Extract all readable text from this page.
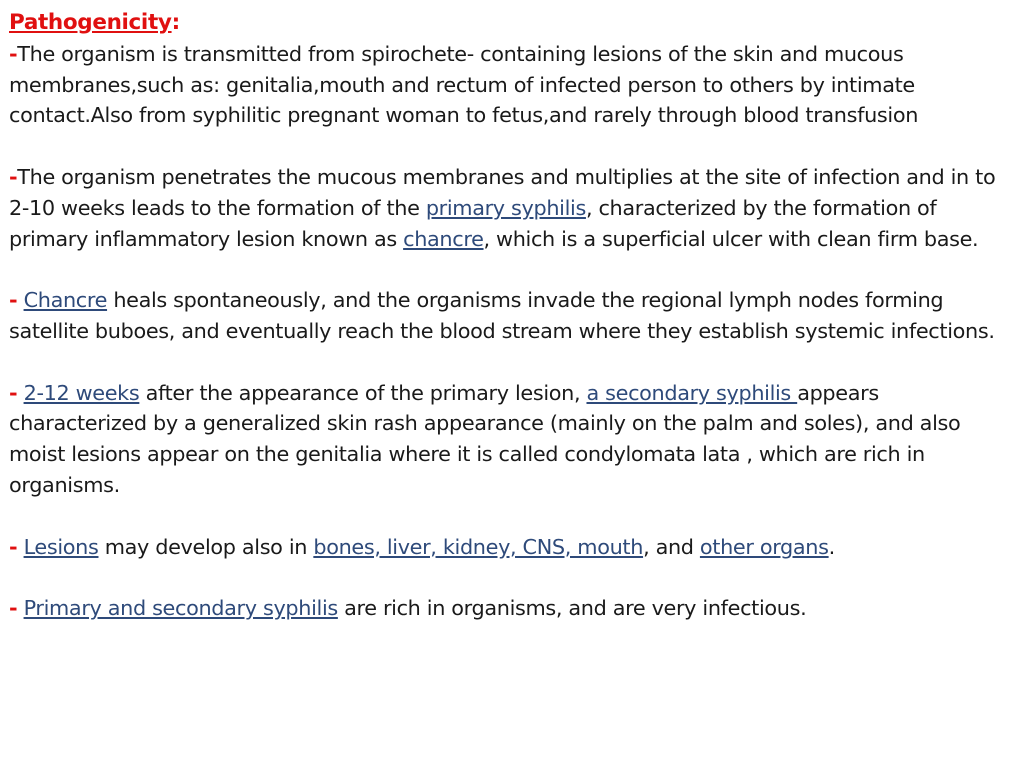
Pathogenicity:

-The organism is transmitted from spirochete- containing lesions of the skin and mucous membranes,such as: genitalia,mouth and rectum of infected person to others by intimate contact.Also from syphilitic pregnant woman to fetus,and rarely through blood transfusion

-The organism penetrates the mucous membranes and multiplies at the site of infection and in to 2-10 weeks leads to the formation of the primary syphilis, characterized by the formation of primary inflammatory lesion known as chancre, which is a superficial ulcer with clean firm base.

- Chancre heals spontaneously, and the organisms invade the regional lymph nodes forming satellite buboes, and eventually reach the blood stream where they establish systemic infections.

- 2-12 weeks after the appearance of the primary lesion, a secondary syphilis appears characterized by a generalized skin rash appearance (mainly on the palm and soles), and also moist lesions appear on the genitalia where it is called condylomata lata , which are rich in organisms.

- Lesions may develop also in bones, liver, kidney, CNS, mouth, and other organs.

- Primary and secondary syphilis are rich in organisms, and are very infectious.
